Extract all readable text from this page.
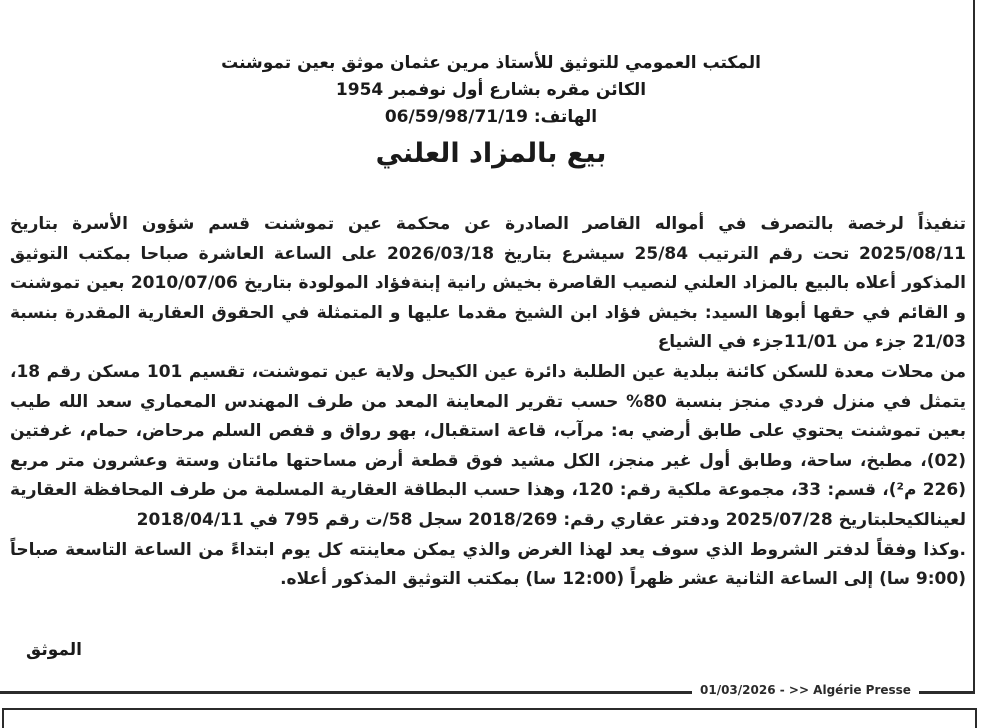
المكتب العمومي للتوثيق للأستاذ مرين عثمان موثق بعين تموشنت
الكائن مقره بشارع أول نوفمبر 1954
الهاتف: 06/59/98/71/19
بيع بالمزاد العلني

تنفيذاً لرخصة بالتصرف في أمواله القاصر الصادرة عن محكمة عين تموشنت قسم شؤون الأسرة بتاريخ 2025/08/11 تحت رقم الترتيب 25/84 سيشرع بتاريخ 2026/03/18 على الساعة العاشرة صباحا بمكتب التوثيق المذكور أعلاه بالبيع بالمزاد العلني لنصيب القاصرة بخيش رانية إبنةفؤاد المولودة بتاريخ 2010/07/06 بعين تموشنت و القائم في حقها أبوها السيد: بخيش فؤاد ابن الشيخ مقدما عليها و المتمثلة في الحقوق العقارية المقدرة بنسبة 21/03 جزء من 11/01جزء في الشياع

من محلات معدة للسكن كائنة ببلدية عين الطلبة دائرة عين الكيحل ولاية عين تموشنت، تقسيم 101 مسكن رقم 18، يتمثل في منزل فردي منجز بنسبة 80% حسب تقرير المعاينة المعد من طرف المهندس المعماري سعد الله طيب بعين تموشنت يحتوي على طابق أرضي به: مرآب، قاعة استقبال، بهو رواق و قفص السلم مرحاض، حمام، غرفتين (02)، مطبخ، ساحة، وطابق أول غير منجز، الكل مشيد فوق قطعة أرض مساحتها مائتان وستة وعشرون متر مربع (226 م²)، قسم: 33، مجموعة ملكية رقم: 120، وهذا حسب البطاقة العقارية المسلمة من طرف المحافظة العقارية لعينالكيحلبتاريخ 2025/07/28 ودفتر عقاري رقم: 2018/269 سجل 58/ت رقم 795 في 2018/04/11

.وكذا وفقاً لدفتر الشروط الذي سوف يعد لهذا الغرض والذي يمكن معاينته كل يوم ابتداءً من الساعة التاسعة صباحاً (9:00 سا) إلى الساعة الثانية عشر ظهراً (12:00 سا) بمكتب التوثيق المذكور أعلاه.

الموثق
01/03/2026 - >> Algérie Presse
